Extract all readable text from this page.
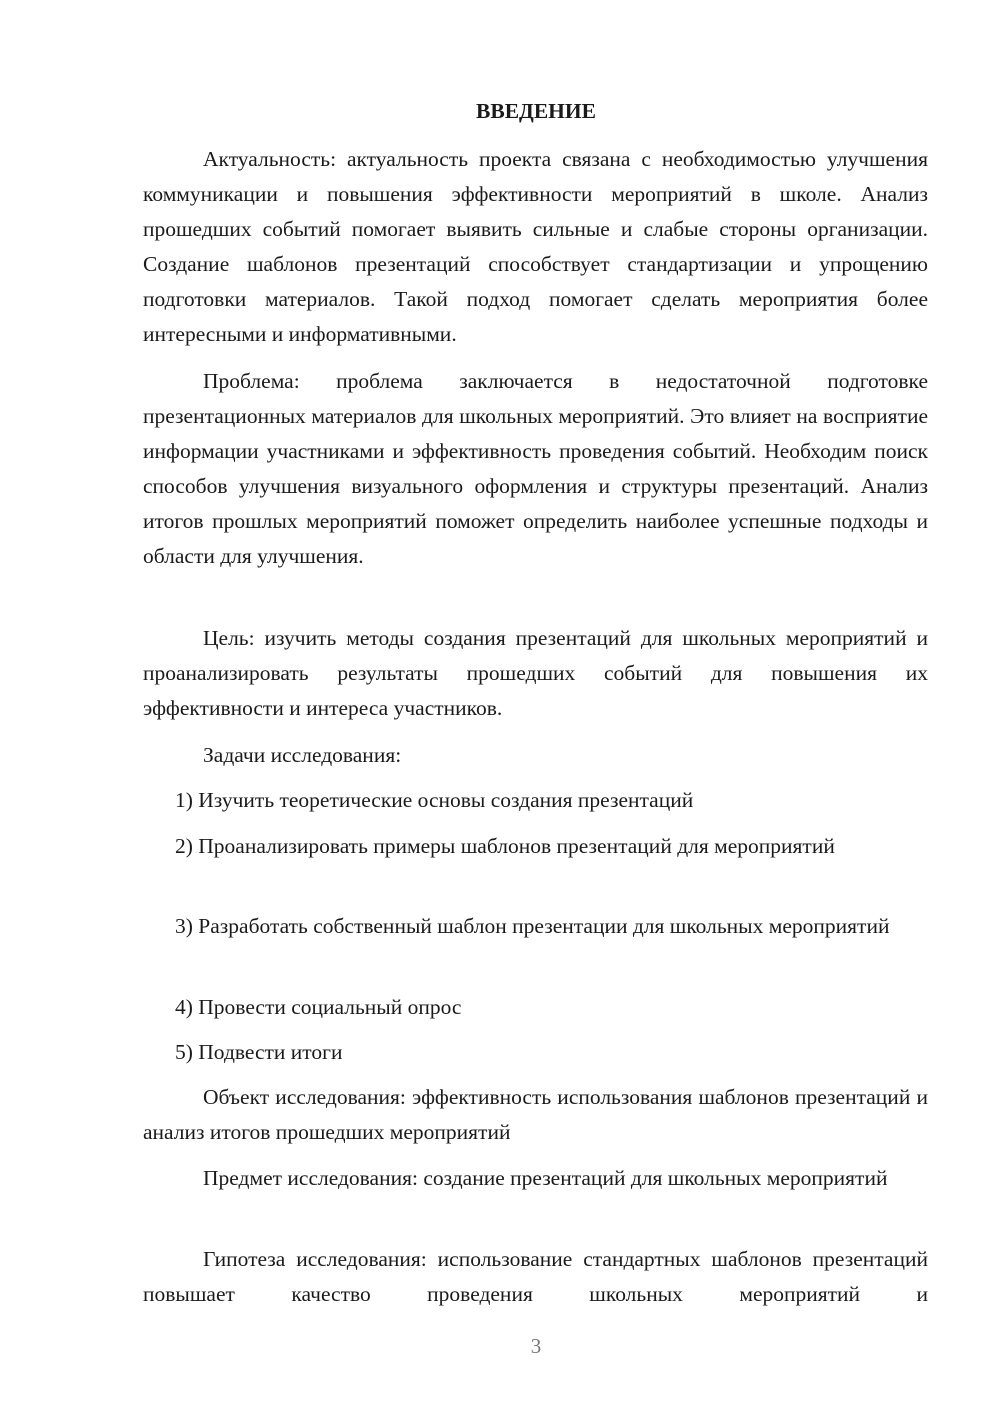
ВВЕДЕНИЕ

Актуальность: актуальность проекта связана с необходимостью улучшения коммуникации и повышения эффективности мероприятий в школе. Анализ прошедших событий помогает выявить сильные и слабые стороны организации. Создание шаблонов презентаций способствует стандартизации и упрощению подготовки материалов. Такой подход помогает сделать мероприятия более интересными и информативными.

Проблема: проблема заключается в недостаточной подготовке презентационных материалов для школьных мероприятий. Это влияет на восприятие информации участниками и эффективность проведения событий. Необходим поиск способов улучшения визуального оформления и структуры презентаций. Анализ итогов прошлых мероприятий поможет определить наиболее успешные подходы и области для улучшения.

Цель: изучить методы создания презентаций для школьных мероприятий и проанализировать результаты прошедших событий для повышения их эффективности и интереса участников.

Задачи исследования:

1) Изучить теоретические основы создания презентаций

2) Проанализировать примеры шаблонов презентаций для мероприятий

3) Разработать собственный шаблон презентации для школьных мероприятий

4) Провести социальный опрос

5) Подвести итоги

Объект исследования: эффективность использования шаблонов презентаций и анализ итогов прошедших мероприятий

Предмет исследования: создание презентаций для школьных мероприятий

Гипотеза исследования: использование стандартных шаблонов презентаций повышает качество проведения школьных мероприятий и

3
